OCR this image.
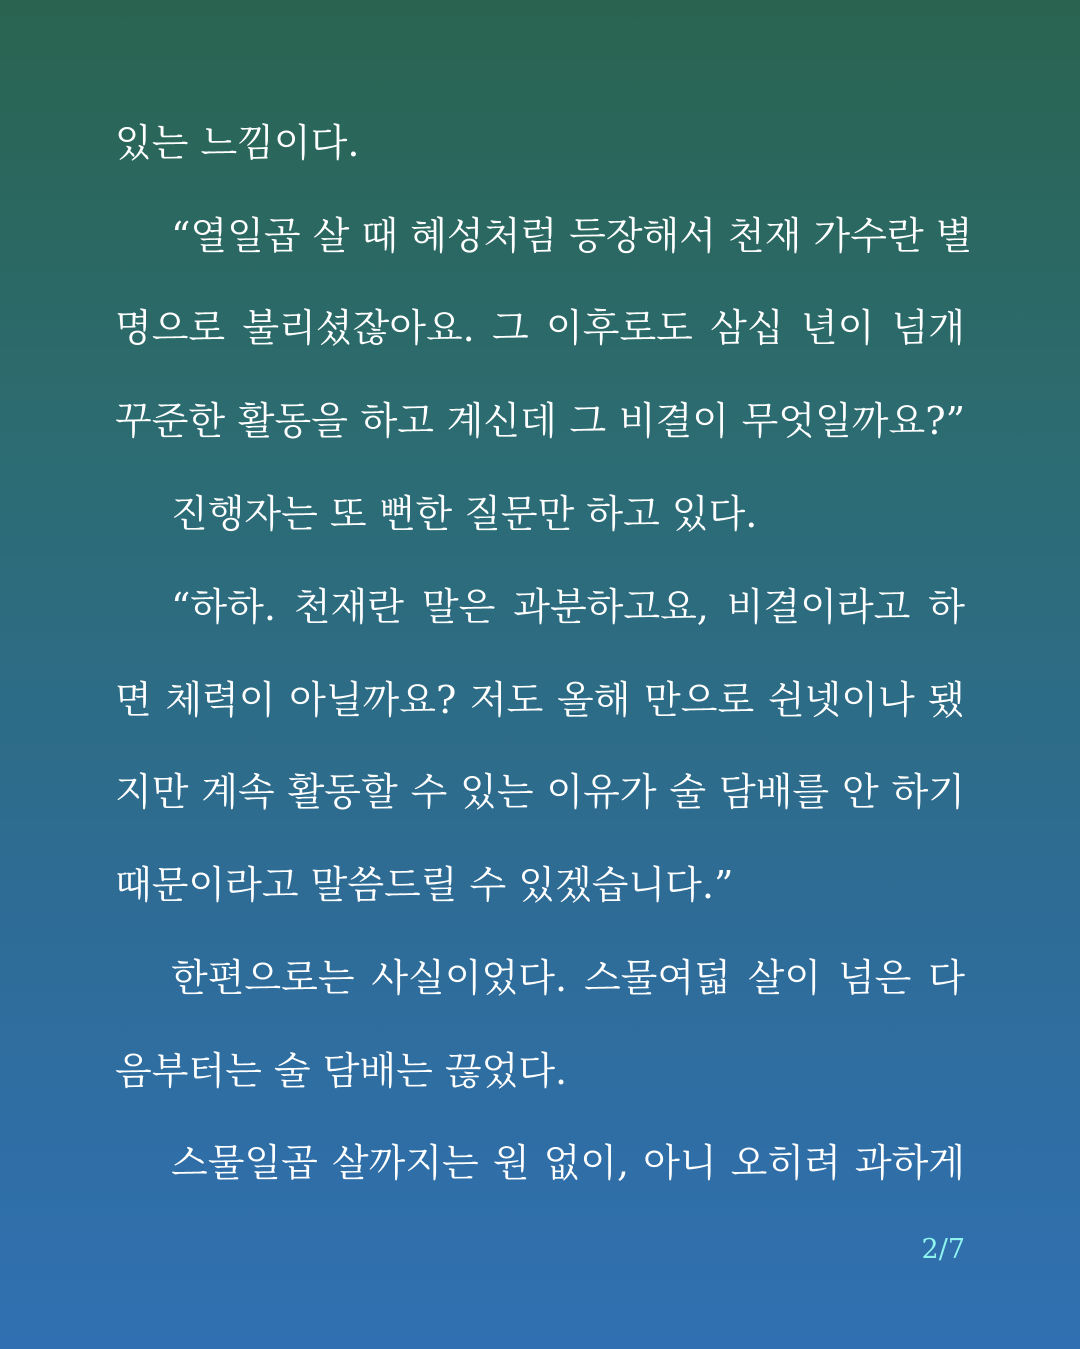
있는 느낌이다.
“열일곱 살 때 혜성처럼 등장해서 천재 가수란 별
명으로 불리셨잖아요. 그 이후로도 삼십 년이 넘개
꾸준한 활동을 하고 계신데 그 비결이 무엇일까요?”
진행자는 또 뻔한 질문만 하고 있다.
“하하. 천재란 말은 과분하고요, 비결이라고 하
면 체력이 아닐까요? 저도 올해 만으로 쉰넷이나 됐
지만 계속 활동할 수 있는 이유가 술 담배를 안 하기
때문이라고 말씀드릴 수 있겠습니다.”
한편으로는 사실이었다. 스물여덟 살이 넘은 다
음부터는 술 담배는 끊었다.
스물일곱 살까지는 원 없이, 아니 오히려 과하게
2/7
